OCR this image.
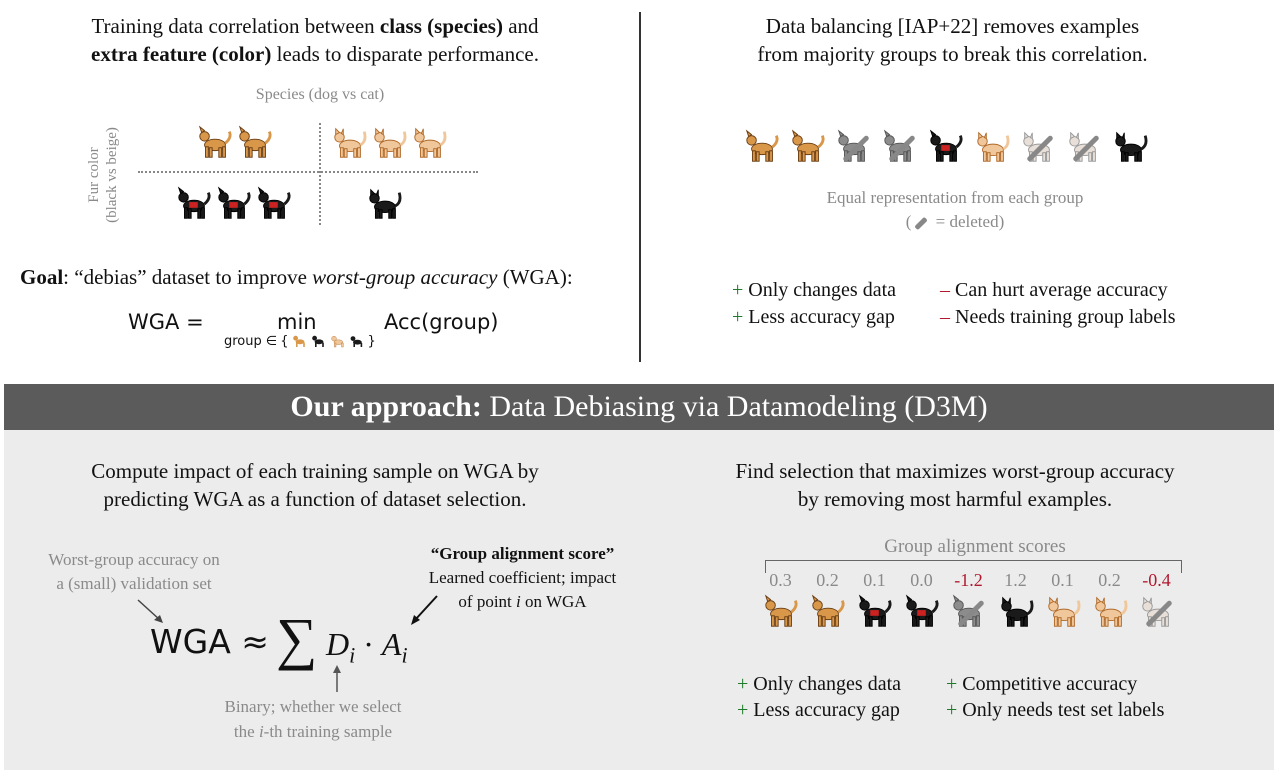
Training data correlation between class (species) and
extra feature (color) leads to disparate performance.
Species (dog vs cat)
Fur color (black vs beige)
Goal: “debias” dataset to improve worst-group accuracy (WGA):
WGA =	min
group ∈ {	}
Acc(group)
Data balancing [IAP+22] removes examples
from majority groups to break this correlation.
Equal representation from each group
( = deleted)
+ Only changes data
+ Less accuracy gap
– Can hurt average accuracy
– Needs training group labels
Our approach: Data Debiasing via Datamodeling (D3M)
Compute impact of each training sample on WGA by
predicting WGA as a function of dataset selection.
Worst-group accuracy on
a (small) validation set
“Group alignment score”
Learned coefficient; impact
of point i on WGA
WGA ≈ ∑ $D_i \cdot A_i$
Binary; whether we select
the i-th training sample
Find selection that maximizes worst-group accuracy
by removing most harmful examples.
Group alignment scores
0.3	0.2	0.1	0.0	-1.2	1.2	0.1	0.2	-0.4
+ Only changes data
+ Less accuracy gap
+ Competitive accuracy
+ Only needs test set labels
